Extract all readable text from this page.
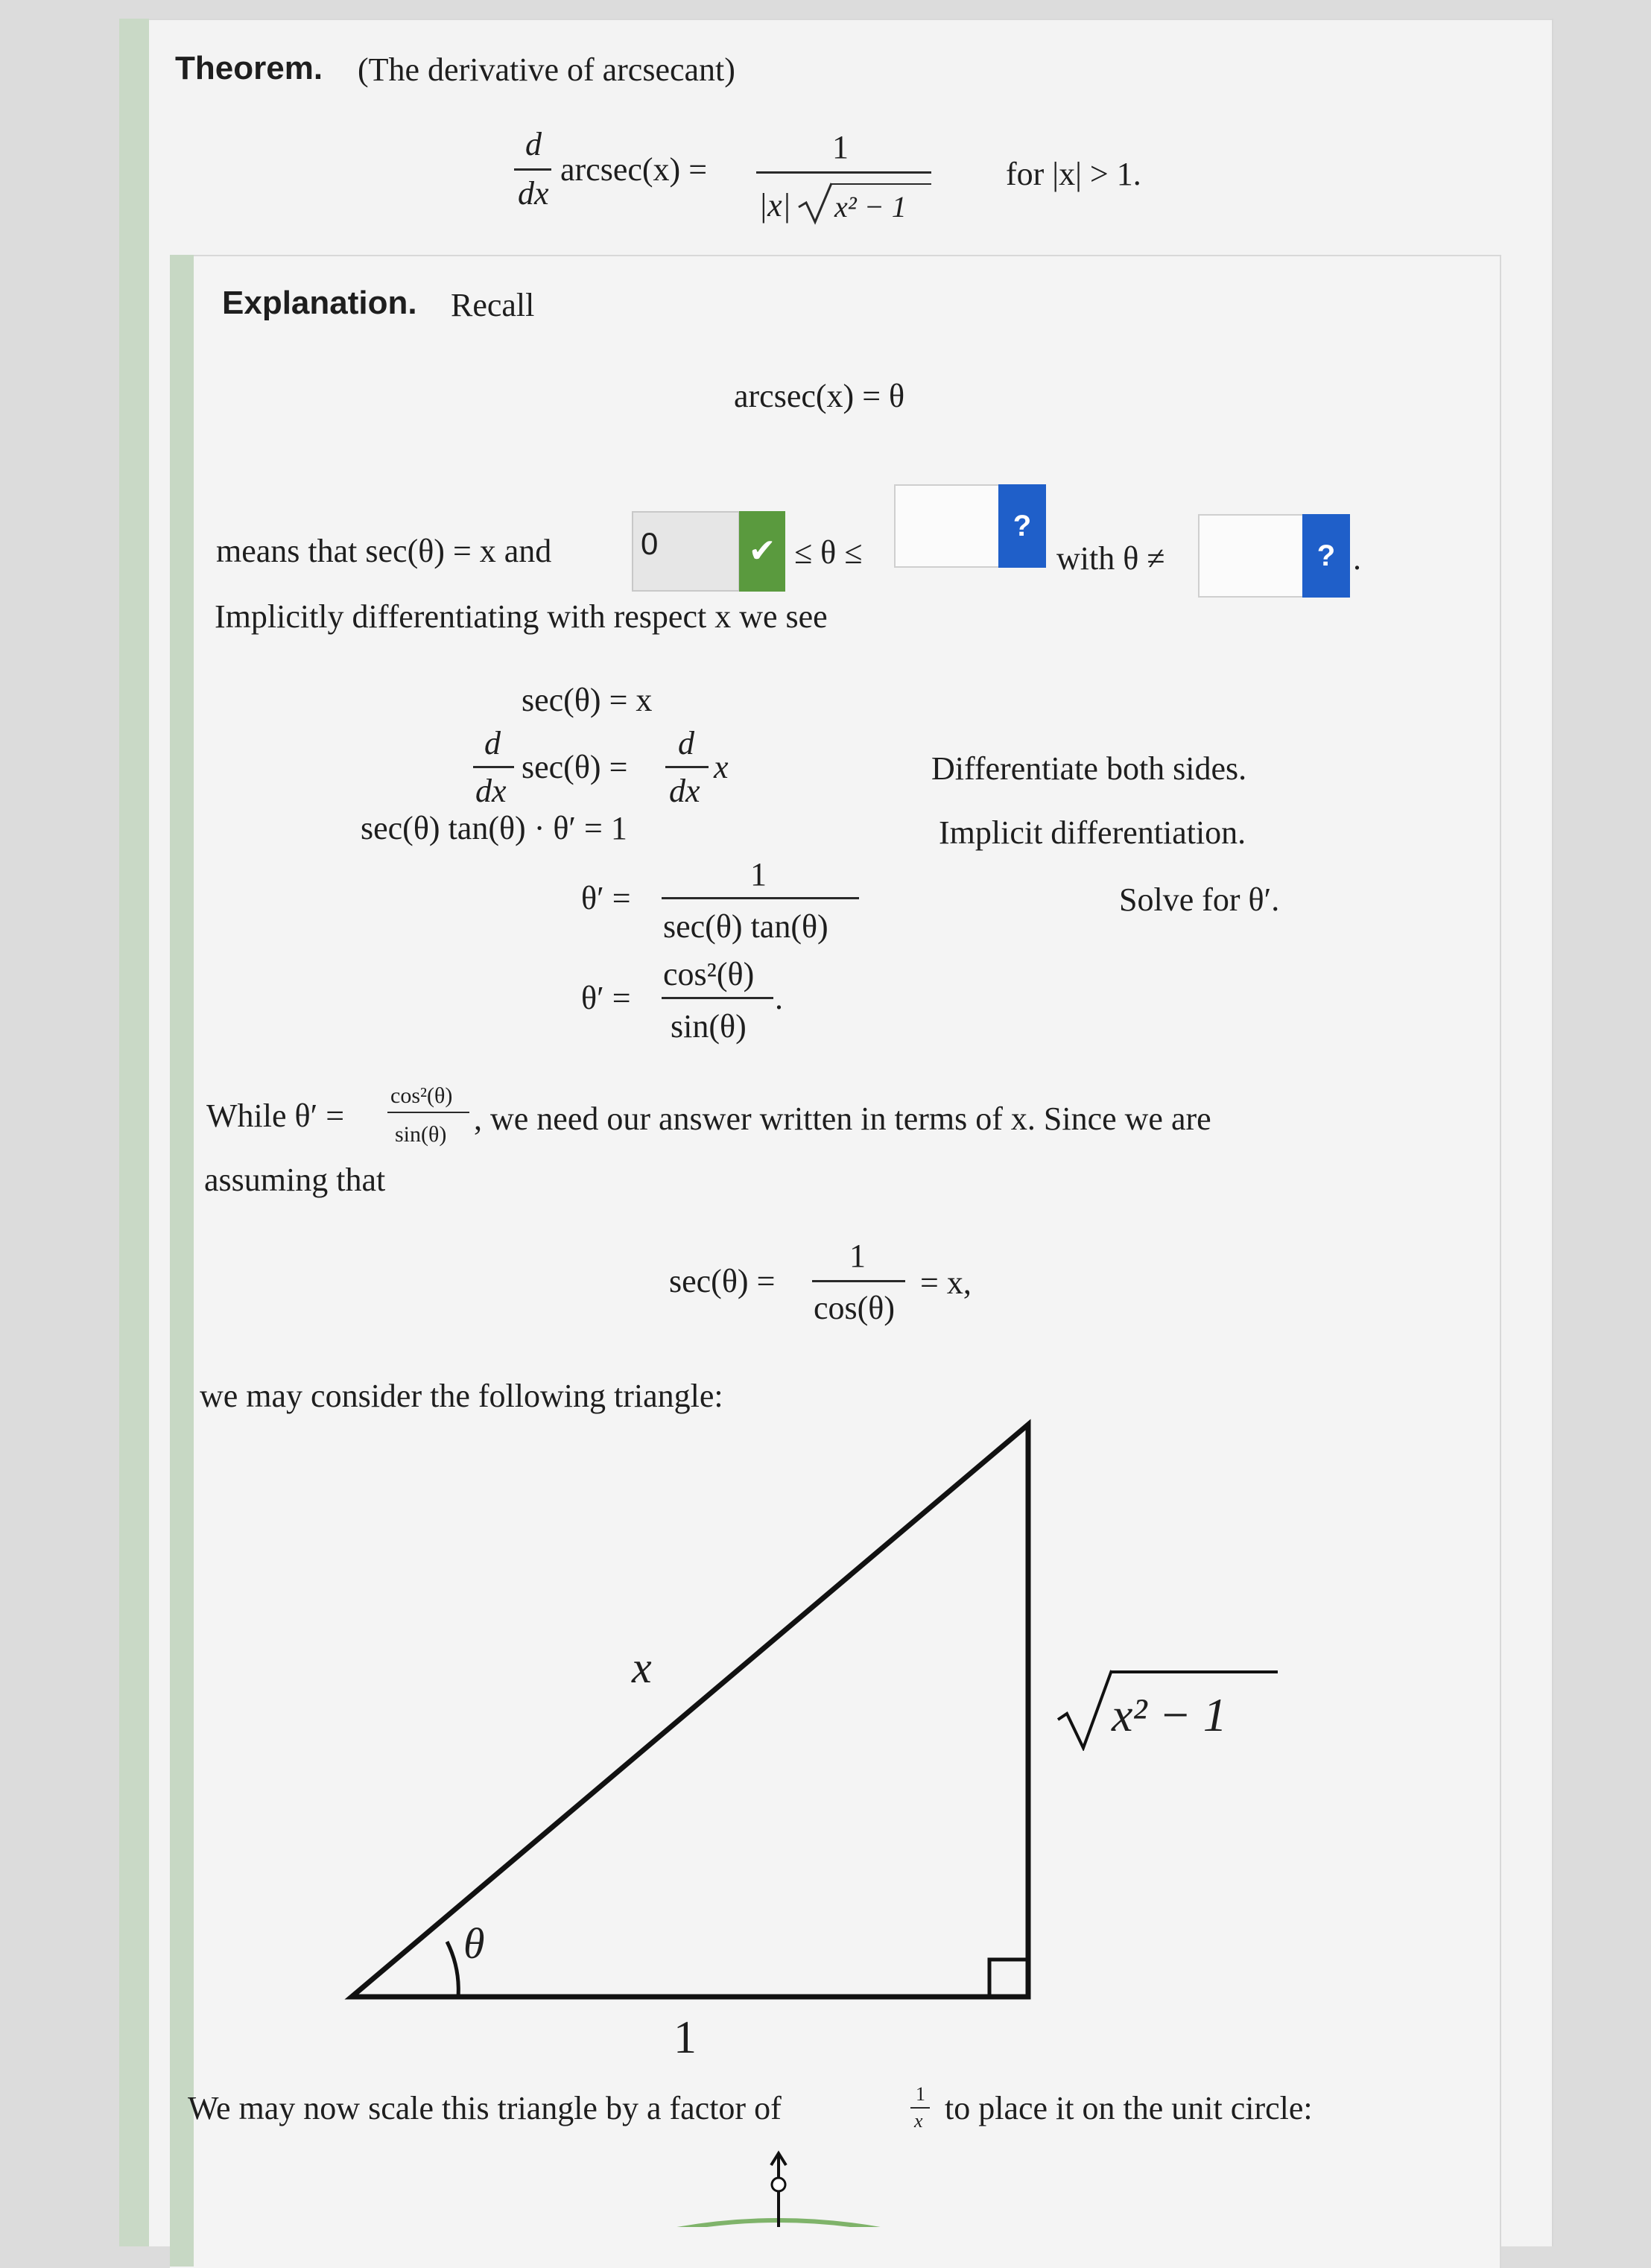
Theorem. (The derivative of arcsecant)
d
dx
arcsec(x) =
1
|x| x² − 1
for |x| > 1.
Explanation. Recall
arcsec(x) = θ
means that sec(θ) = x and	0	✔ ≤ θ ≤
?
with θ ≠	? .
Implicitly differentiating with respect x we see
sec(θ) = x
d
dx
sec(θ) =
d
dx
x	Differentiate both sides.
sec(θ) tan(θ) · θ′ = 1	Implicit differentiation.
θ′ =
1
sec(θ) tan(θ)
Solve for θ′.
θ′ =
cos²(θ)
sin(θ)
.
While θ′ =
cos²(θ)
sin(θ) , we need our answer written in terms of x. Since we are
assuming that
sec(θ) =
1
cos(θ)
= x,
we may consider the following triangle:
x
θ
1
x² − 1
We may now scale this triangle by a factor of	1
x to place it on the unit circle:
